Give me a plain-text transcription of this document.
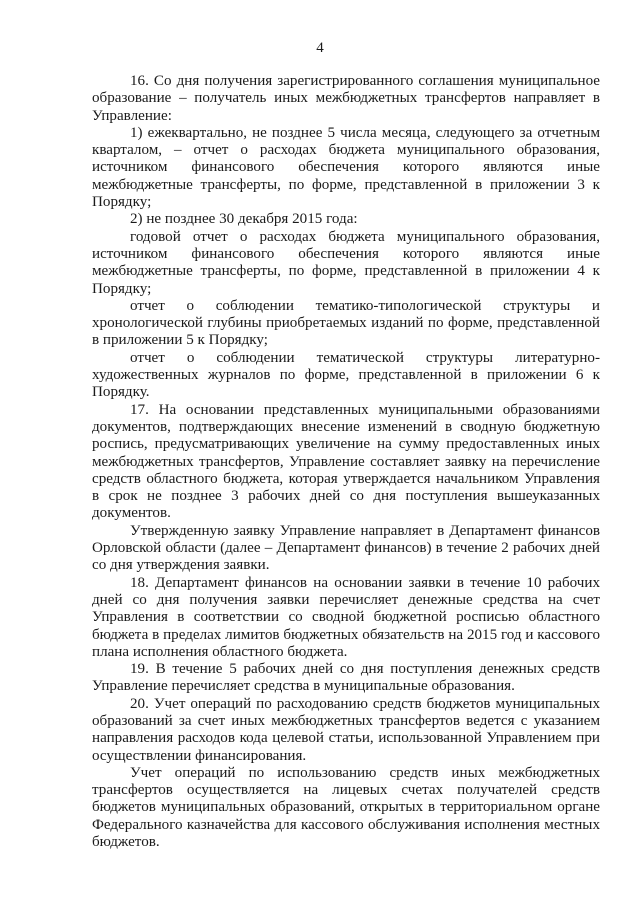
4

16. Со дня получения зарегистрированного соглашения муниципальное образование – получатель иных межбюджетных трансфертов направляет в Управление:

1) ежеквартально, не позднее 5 числа месяца, следующего за отчетным кварталом, – отчет о расходах бюджета муниципального образования, источником финансового обеспечения которого являются иные межбюджетные трансферты, по форме, представленной в приложении 3 к Порядку;

2) не позднее 30 декабря 2015 года:

годовой отчет о расходах бюджета муниципального образования, источником финансового обеспечения которого являются иные межбюджетные трансферты, по форме, представленной в приложении 4 к Порядку;

отчет о соблюдении тематико-типологической структуры и хронологической глубины приобретаемых изданий по форме, представленной в приложении 5 к Порядку;

отчет о соблюдении тематической структуры литературно-художественных журналов по форме, представленной в приложении 6 к Порядку.

17. На основании представленных муниципальными образованиями документов, подтверждающих внесение изменений в сводную бюджетную роспись, предусматривающих увеличение на сумму предоставленных иных межбюджетных трансфертов, Управление составляет заявку на перечисление средств областного бюджета, которая утверждается начальником Управления в срок не позднее 3 рабочих дней со дня поступления вышеуказанных документов.

Утвержденную заявку Управление направляет в Департамент финансов Орловской области (далее – Департамент финансов) в течение 2 рабочих дней со дня утверждения заявки.

18. Департамент финансов на основании заявки в течение 10 рабочих дней со дня получения заявки перечисляет денежные средства на счет Управления в соответствии со сводной бюджетной росписью областного бюджета в пределах лимитов бюджетных обязательств на 2015 год и кассового плана исполнения областного бюджета.

19. В течение 5 рабочих дней со дня поступления денежных средств Управление перечисляет средства в муниципальные образования.

20. Учет операций по расходованию средств бюджетов муниципальных образований за счет иных межбюджетных трансфертов ведется с указанием направления расходов кода целевой статьи, использованной Управлением при осуществлении финансирования.

Учет операций по использованию средств иных межбюджетных трансфертов осуществляется на лицевых счетах получателей средств бюджетов муниципальных образований, открытых в территориальном органе Федерального казначейства для кассового обслуживания исполнения местных бюджетов.
